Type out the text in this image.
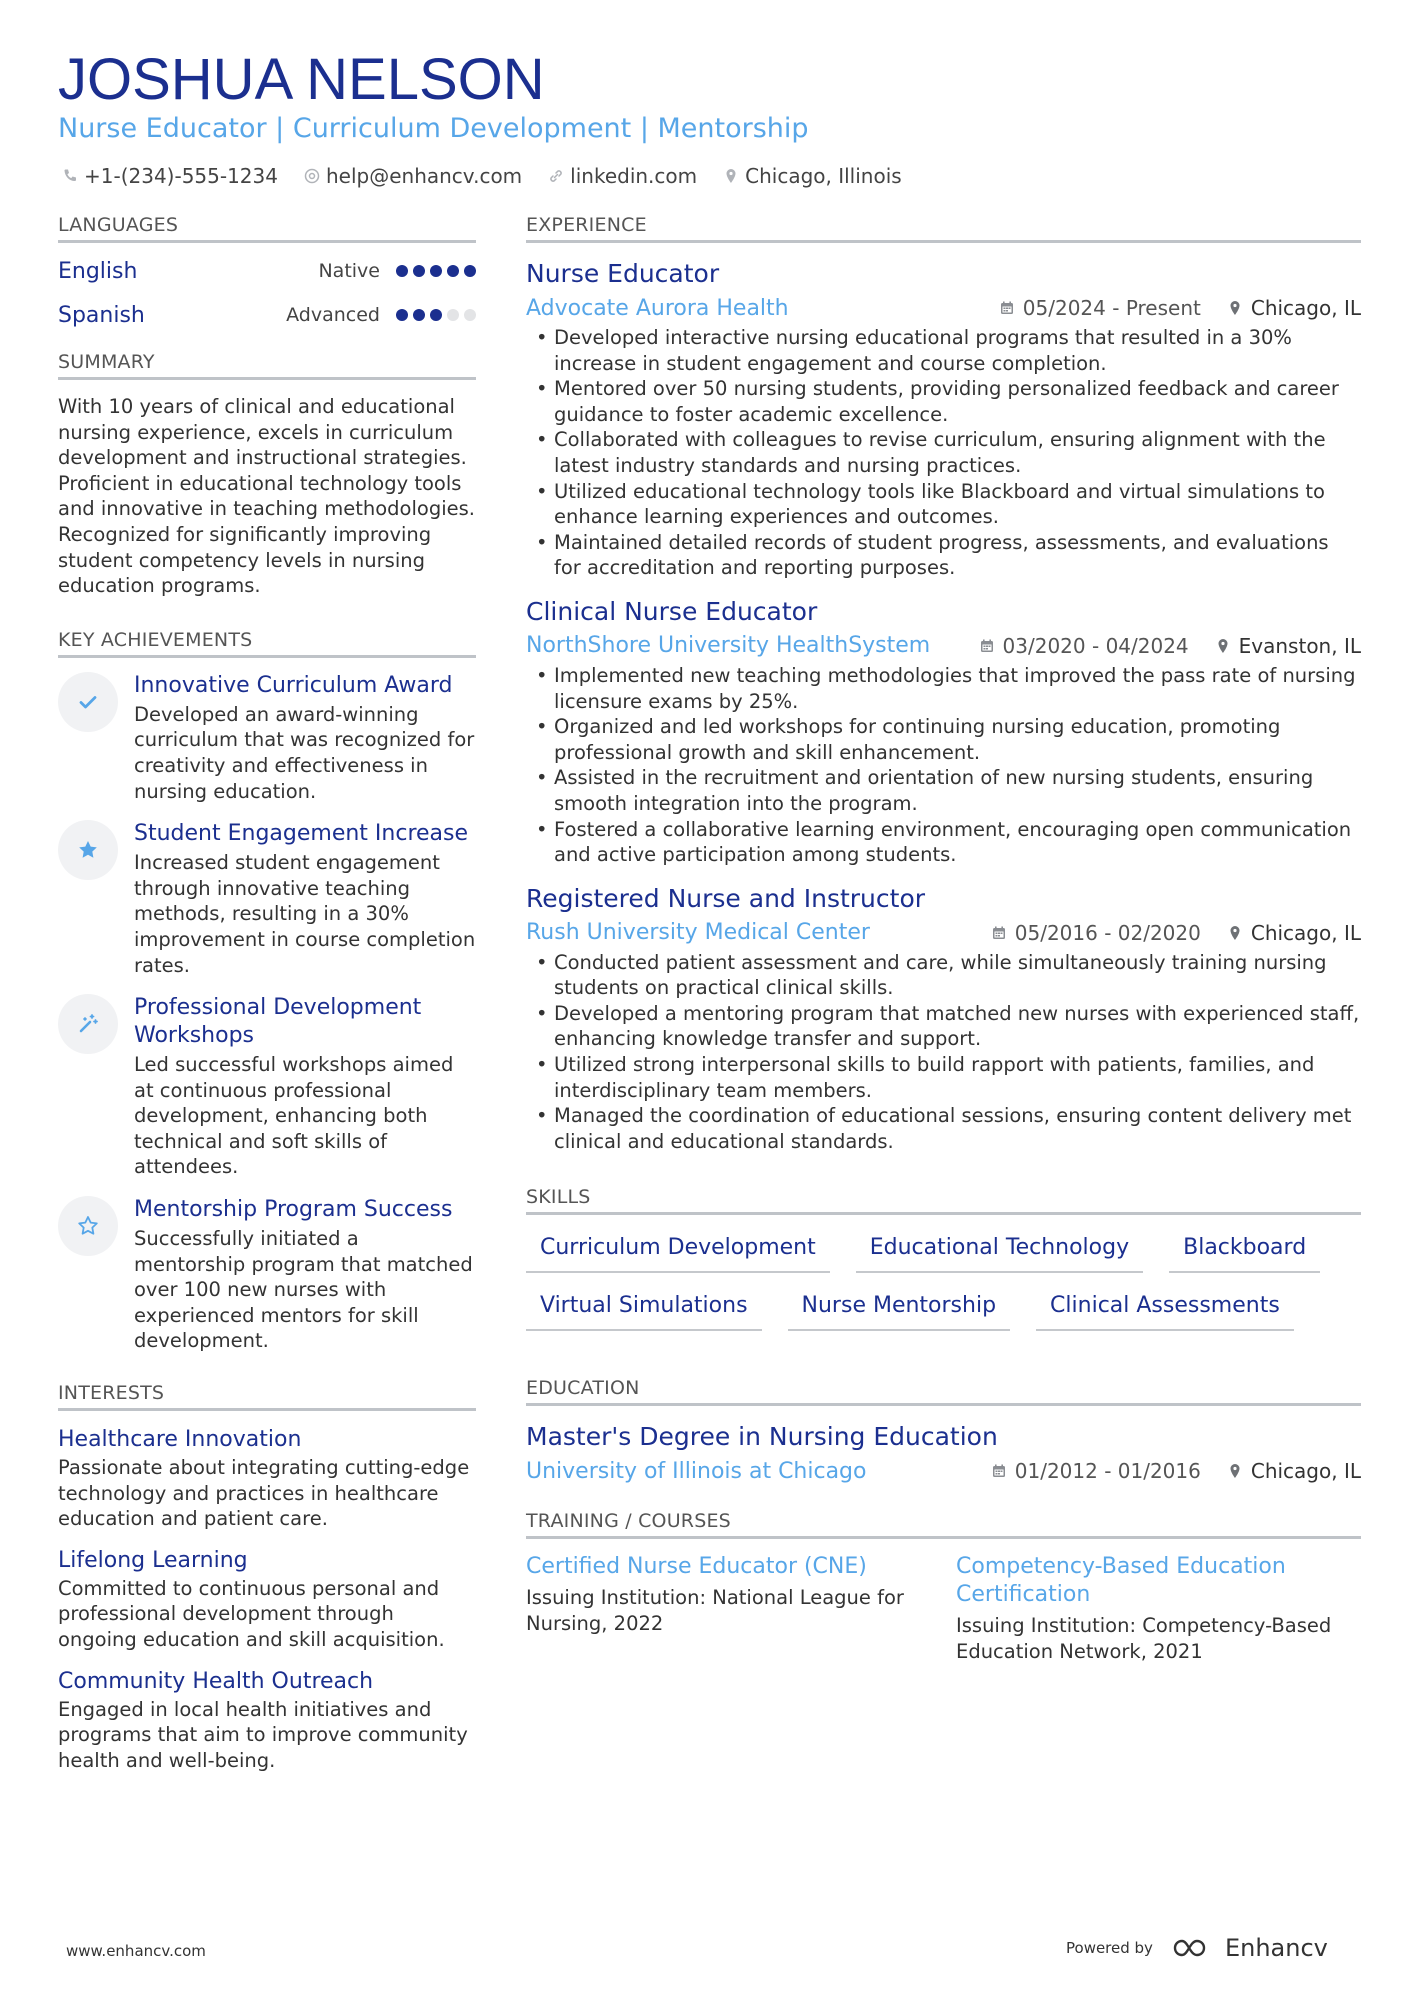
JOSHUA NELSON
Nurse Educator | Curriculum Development | Mentorship
+1-(234)-555-1234 help@enhancv.com linkedin.com Chicago, Illinois
LANGUAGES
English	Native
Spanish	Advanced
SUMMARY
With 10 years of clinical and educational nursing experience, excels in curriculum development and instructional strategies. Proficient in educational technology tools and innovative in teaching methodologies. Recognized for significantly improving student competency levels in nursing education programs.
KEY ACHIEVEMENTS
Innovative Curriculum Award
Developed an award-winning curriculum that was recognized for creativity and effectiveness in nursing education.
Student Engagement Increase
Increased student engagement through innovative teaching methods, resulting in a 30% improvement in course completion rates.
Professional Development Workshops
Led successful workshops aimed at continuous professional development, enhancing both technical and soft skills of attendees.
Mentorship Program Success
Successfully initiated a mentorship program that matched over 100 new nurses with experienced mentors for skill development.
INTERESTS
Healthcare Innovation
Passionate about integrating cutting-edge technology and practices in healthcare education and patient care.
Lifelong Learning
Committed to continuous personal and professional development through ongoing education and skill acquisition.
Community Health Outreach
Engaged in local health initiatives and programs that aim to improve community health and well-being.
EXPERIENCE
Nurse Educator
Advocate Aurora Health	05/2024 - Present	Chicago, IL
• Developed interactive nursing educational programs that resulted in a 30% increase in student engagement and course completion.
• Mentored over 50 nursing students, providing personalized feedback and career guidance to foster academic excellence.
• Collaborated with colleagues to revise curriculum, ensuring alignment with the latest industry standards and nursing practices.
• Utilized educational technology tools like Blackboard and virtual simulations to enhance learning experiences and outcomes.
• Maintained detailed records of student progress, assessments, and evaluations for accreditation and reporting purposes.
Clinical Nurse Educator
NorthShore University HealthSystem	03/2020 - 04/2024	Evanston, IL
• Implemented new teaching methodologies that improved the pass rate of nursing licensure exams by 25%.
• Organized and led workshops for continuing nursing education, promoting professional growth and skill enhancement.
• Assisted in the recruitment and orientation of new nursing students, ensuring smooth integration into the program.
• Fostered a collaborative learning environment, encouraging open communication and active participation among students.
Registered Nurse and Instructor
Rush University Medical Center	05/2016 - 02/2020	Chicago, IL
• Conducted patient assessment and care, while simultaneously training nursing students on practical clinical skills.
• Developed a mentoring program that matched new nurses with experienced staff, enhancing knowledge transfer and support.
• Utilized strong interpersonal skills to build rapport with patients, families, and interdisciplinary team members.
• Managed the coordination of educational sessions, ensuring content delivery met clinical and educational standards.
SKILLS
Curriculum Development	Educational Technology	Blackboard
Virtual Simulations	Nurse Mentorship	Clinical Assessments
EDUCATION
Master's Degree in Nursing Education
University of Illinois at Chicago	01/2012 - 01/2016	Chicago, IL
TRAINING / COURSES
Certified Nurse Educator (CNE)
Issuing Institution: National League for Nursing, 2022
Competency-Based Education Certification
Issuing Institution: Competency-Based Education Network, 2021
www.enhancv.com	Powered by	Enhancv
